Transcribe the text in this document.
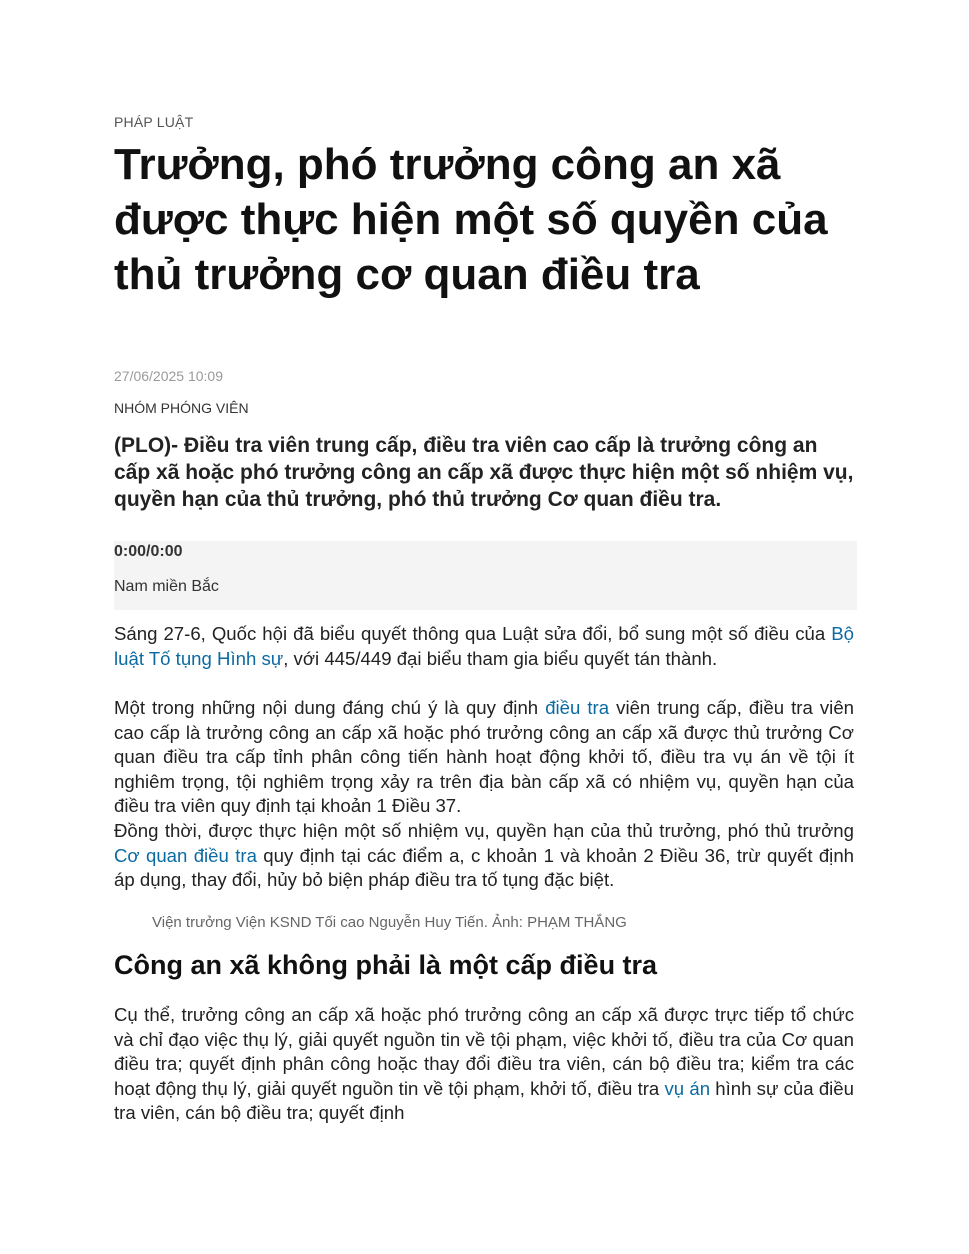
PHÁP LUẬT
Trưởng, phó trưởng công an xã được thực hiện một số quyền của thủ trưởng cơ quan điều tra
27/06/2025 10:09
NHÓM PHÓNG VIÊN

(PLO)- Điều tra viên trung cấp, điều tra viên cao cấp là trưởng công an cấp xã hoặc phó trưởng công an cấp xã được thực hiện một số nhiệm vụ, quyền hạn của thủ trưởng, phó thủ trưởng Cơ quan điều tra.

0:00/0:00
Nam miền Bắc

Sáng 27-6, Quốc hội đã biểu quyết thông qua Luật sửa đổi, bổ sung một số điều của Bộ luật Tố tụng Hình sự, với 445/449 đại biểu tham gia biểu quyết tán thành.

Một trong những nội dung đáng chú ý là quy định điều tra viên trung cấp, điều tra viên cao cấp là trưởng công an cấp xã hoặc phó trưởng công an cấp xã được thủ trưởng Cơ quan điều tra cấp tỉnh phân công tiến hành hoạt động khởi tố, điều tra vụ án về tội ít nghiêm trọng, tội nghiêm trọng xảy ra trên địa bàn cấp xã có nhiệm vụ, quyền hạn của điều tra viên quy định tại khoản 1 Điều 37.

Đồng thời, được thực hiện một số nhiệm vụ, quyền hạn của thủ trưởng, phó thủ trưởng Cơ quan điều tra quy định tại các điểm a, c khoản 1 và khoản 2 Điều 36, trừ quyết định áp dụng, thay đổi, hủy bỏ biện pháp điều tra tố tụng đặc biệt.

Viện trưởng Viện KSND Tối cao Nguyễn Huy Tiến. Ảnh: PHẠM THẮNG
Công an xã không phải là một cấp điều tra

Cụ thể, trưởng công an cấp xã hoặc phó trưởng công an cấp xã được trực tiếp tổ chức và chỉ đạo việc thụ lý, giải quyết nguồn tin về tội phạm, việc khởi tố, điều tra của Cơ quan điều tra; quyết định phân công hoặc thay đổi điều tra viên, cán bộ điều tra; kiểm tra các hoạt động thụ lý, giải quyết nguồn tin về tội phạm, khởi tố, điều tra vụ án hình sự của điều tra viên, cán bộ điều tra; quyết định
